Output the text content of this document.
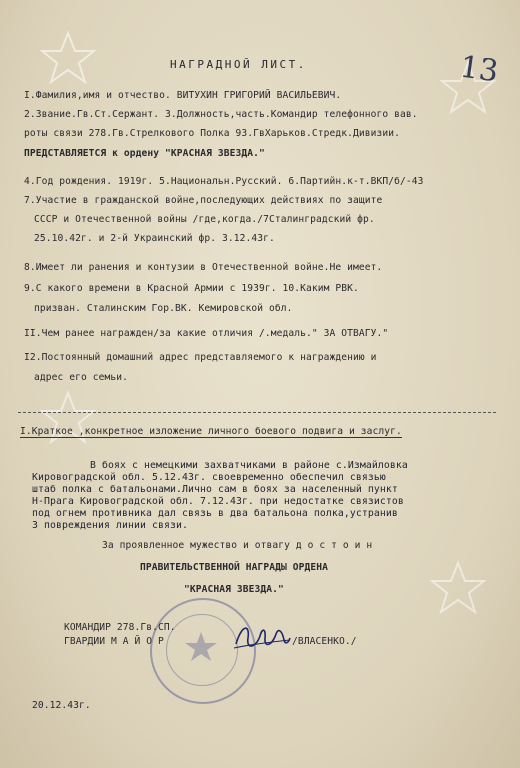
13
НАГРАДНОЙ ЛИСТ.
I.Фамилия,имя и отчество. ВИТУХИН ГРИГОРИЙ ВАСИЛЬЕВИЧ.
2.Звание.Гв.Ст.Сержант. 3.Должность,часть.Командир телефонного вав.
роты связи 278.Гв.Стрелкового Полка 93.ГвХарьков.Стредк.Дивизии.
ПРЕДСТАВЛЯЕТСЯ к ордену "КРАСНАЯ ЗВЕЗДА."
4.Год рождения. 1919г. 5.Национальн.Русский. 6.Партийн.к-т.ВКП/б/-43
7.Участие в гражданской войне,последующих действиях по защите
СССР и Отечественной войны /где,когда./7Сталинградский фр.
25.10.42г. и 2-й Украинский фр. 3.12.43г.
8.Имеет ли ранения и контузии в Отечественной войне.Не имеет.
9.С какого времени в Красной Армии с 1939г. 10.Каким РВК.
призван. Сталинским Гор.ВК. Кемировской обл.
II.Чем ранее награжден/за какие отличия /.медаль." ЗА ОТВАГУ."
I2.Постоянный домашний адрес представляемого к награждению и
адрес его семьи.
I.Краткое ,конкретное изложение личного боевого подвига и заслуг.
В боях с немецкими захватчиками в районе с.Измайловка
Кировоградской обл. 5.12.43г. своевременно обеспечил связью
штаб полка с батальонами.Лично сам в боях за населенный пункт
Н-Прага Кировоградской обл. 7.12.43г. при недостатке связистов
под огнем противника дал связь в два батальона полка,устранив
3 повреждения линии связи.
За проявленное мужество и отвагу д о с т о и н
ПРАВИТЕЛЬСТВЕННОЙ НАГРАДЫ ОРДЕНА
"КРАСНАЯ ЗВЕЗДА."
КОМАНДИР 278.Гв.СП.
ГВАРДИИ М А Й О Р	/ВЛАСЕНКО./
20.12.43г.
